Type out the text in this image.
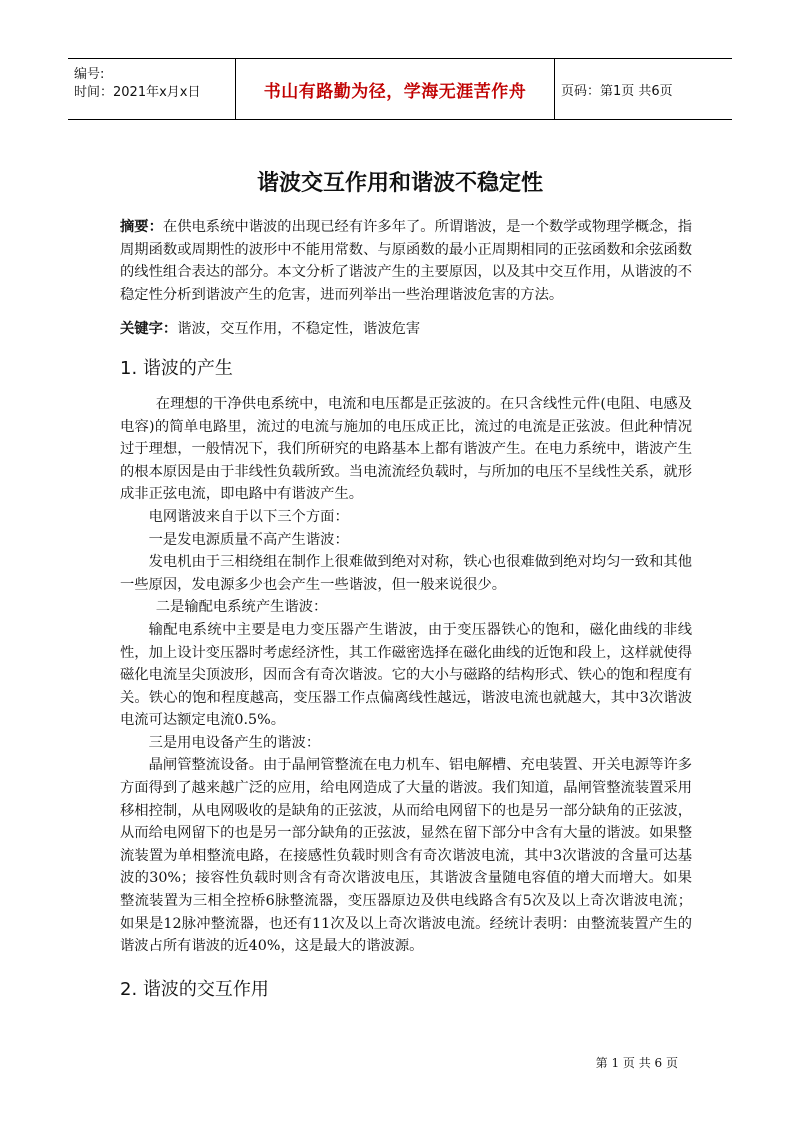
编号:
时间：2021年x月x日	书山有路勤为径，学海无涯苦作舟	页码：第1页 共6页
谐波交互作用和谐波不稳定性

摘要：在供电系统中谐波的出现已经有许多年了。所谓谐波，是一个数学或物理学概念，指周期函数或周期性的波形中不能用常数、与原函数的最小正周期相同的正弦函数和余弦函数的线性组合表达的部分。本文分析了谐波产生的主要原因，以及其中交互作用，从谐波的不稳定性分析到谐波产生的危害，进而列举出一些治理谐波危害的方法。

关键字：谐波，交互作用，不稳定性，谐波危害

1. 谐波的产生

在理想的干净供电系统中，电流和电压都是正弦波的。在只含线性元件(电阻、电感及电容)的简单电路里，流过的电流与施加的电压成正比，流过的电流是正弦波。但此种情况过于理想，一般情况下，我们所研究的电路基本上都有谐波产生。在电力系统中，谐波产生的根本原因是由于非线性负载所致。当电流流经负载时，与所加的电压不呈线性关系，就形成非正弦电流，即电路中有谐波产生。

电网谐波来自于以下三个方面：

一是发电源质量不高产生谐波：

发电机由于三相绕组在制作上很难做到绝对对称，铁心也很难做到绝对均匀一致和其他一些原因，发电源多少也会产生一些谐波，但一般来说很少。

二是输配电系统产生谐波：

输配电系统中主要是电力变压器产生谐波，由于变压器铁心的饱和，磁化曲线的非线性，加上设计变压器时考虑经济性，其工作磁密选择在磁化曲线的近饱和段上，这样就使得磁化电流呈尖顶波形，因而含有奇次谐波。它的大小与磁路的结构形式、铁心的饱和程度有关。铁心的饱和程度越高，变压器工作点偏离线性越远，谐波电流也就越大，其中3次谐波电流可达额定电流0.5%。

三是用电设备产生的谐波：

晶闸管整流设备。由于晶闸管整流在电力机车、铝电解槽、充电装置、开关电源等许多方面得到了越来越广泛的应用，给电网造成了大量的谐波。我们知道，晶闸管整流装置采用移相控制，从电网吸收的是缺角的正弦波，从而给电网留下的也是另一部分缺角的正弦波，从而给电网留下的也是另一部分缺角的正弦波，显然在留下部分中含有大量的谐波。如果整流装置为单相整流电路，在接感性负载时则含有奇次谐波电流，其中3次谐波的含量可达基波的30%；接容性负载时则含有奇次谐波电压，其谐波含量随电容值的增大而增大。如果整流装置为三相全控桥6脉整流器，变压器原边及供电线路含有5次及以上奇次谐波电流；如果是12脉冲整流器，也还有11次及以上奇次谐波电流。经统计表明：由整流装置产生的谐波占所有谐波的近40%，这是最大的谐波源。

2. 谐波的交互作用
第 1 页 共 6 页
